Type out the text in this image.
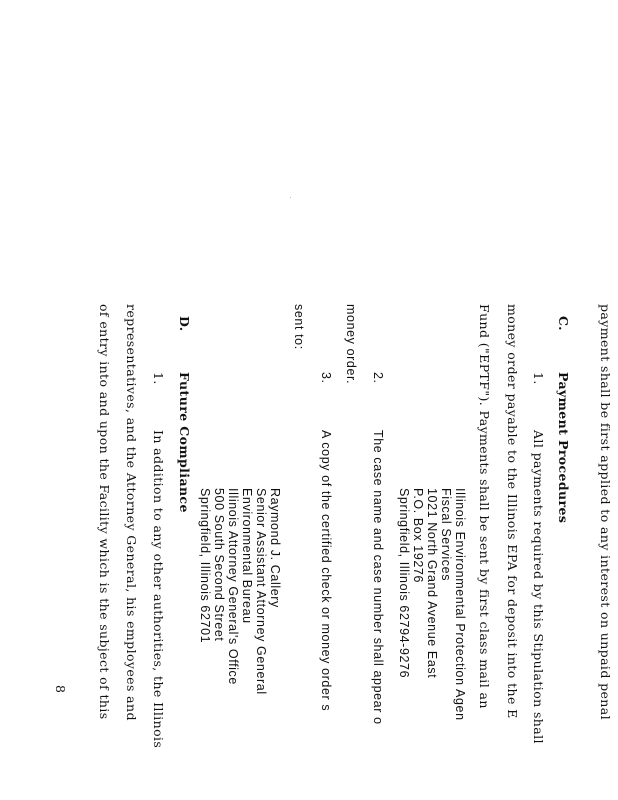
payment shall be first applied to any interest on unpaid penal
C.
Payment Procedures
1.
All payments required by this Stipulation shall
money order payable to the Illinois EPA for deposit into the E
Fund ("EPTF"). Payments shall be sent by first class mail an
Illinois Environmental Protection Agen
Fiscal Services
1021 North Grand Avenue East
P.O. Box 19276
Springfield, Illinois 62794-9276
2.
The case name and case number shall appear o
money order.
3.
A copy of the certified check or money order s
sent to:
Raymond J. Callery
Senior Assistant Attorney General
Environmental Bureau
Illinois Attorney General's Office
500 South Second Street
Springfield, Illinois 62701
D.
Future Compliance
1.
In addition to any other authorities, the Illinois
representatives, and the Attorney General, his employees and
of entry into and upon the Facility which is the subject of this
8
